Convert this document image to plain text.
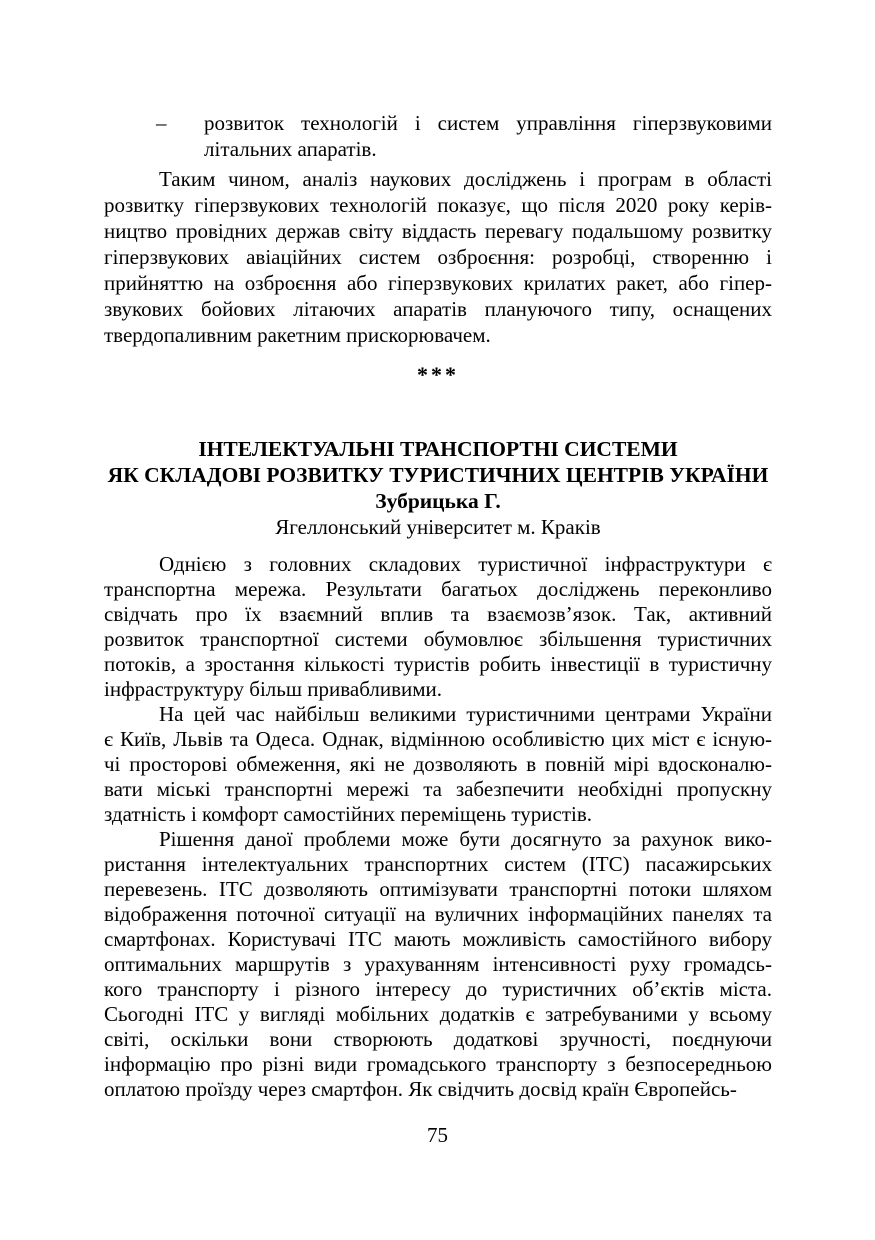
– розвиток технологій і систем управління гіперзвуковими
літальних апаратів.
Таким чином, аналіз наукових досліджень і програм в області
розвитку гіперзвукових технологій показує, що після 2020 року керів-
ництво провідних держав світу віддасть перевагу подальшому розвитку
гіперзвукових авіаційних систем озброєння: розробці, створенню і
прийняттю на озброєння або гіперзвукових крилатих ракет, або гіпер-
звукових бойових літаючих апаратів плануючого типу, оснащених
твердопаливним ракетним прискорювачем.
***
ІНТЕЛЕКТУАЛЬНІ ТРАНСПОРТНІ СИСТЕМИ
ЯК СКЛАДОВІ РОЗВИТКУ ТУРИСТИЧНИХ ЦЕНТРІВ УКРАЇНИ
Зубрицька Г.
Ягеллонський університет м. Краків
Однією з головних складових туристичної інфраструктури є
транспортна мережа. Результати багатьох досліджень переконливо
свідчать про їх взаємний вплив та взаємозв’язок. Так, активний
розвиток транспортної системи обумовлює збільшення туристичних
потоків, а зростання кількості туристів робить інвестиції в туристичну
інфраструктуру більш привабливими.
На цей час найбільш великими туристичними центрами України
є Київ, Львів та Одеса. Однак, відмінною особливістю цих міст є існую-
чі просторові обмеження, які не дозволяють в повній мірі вдосконалю-
вати міські транспортні мережі та забезпечити необхідні пропускну
здатність і комфорт самостійних переміщень туристів.
Рішення даної проблеми може бути досягнуто за рахунок вико-
ристання інтелектуальних транспортних систем (ІТС) пасажирських
перевезень. ІТС дозволяють оптимізувати транспортні потоки шляхом
відображення поточної ситуації на вуличних інформаційних панелях та
смартфонах. Користувачі ІТС мають можливість самостійного вибору
оптимальних маршрутів з урахуванням інтенсивності руху громадсь-
кого транспорту і різного інтересу до туристичних об’єктів міста.
Сьогодні ІТС у вигляді мобільних додатків є затребуваними у всьому
світі, оскільки вони створюють додаткові зручності, поєднуючи
інформацію про різні види громадського транспорту з безпосередньою
оплатою проїзду через смартфон. Як свідчить досвід країн Європейсь-
75
